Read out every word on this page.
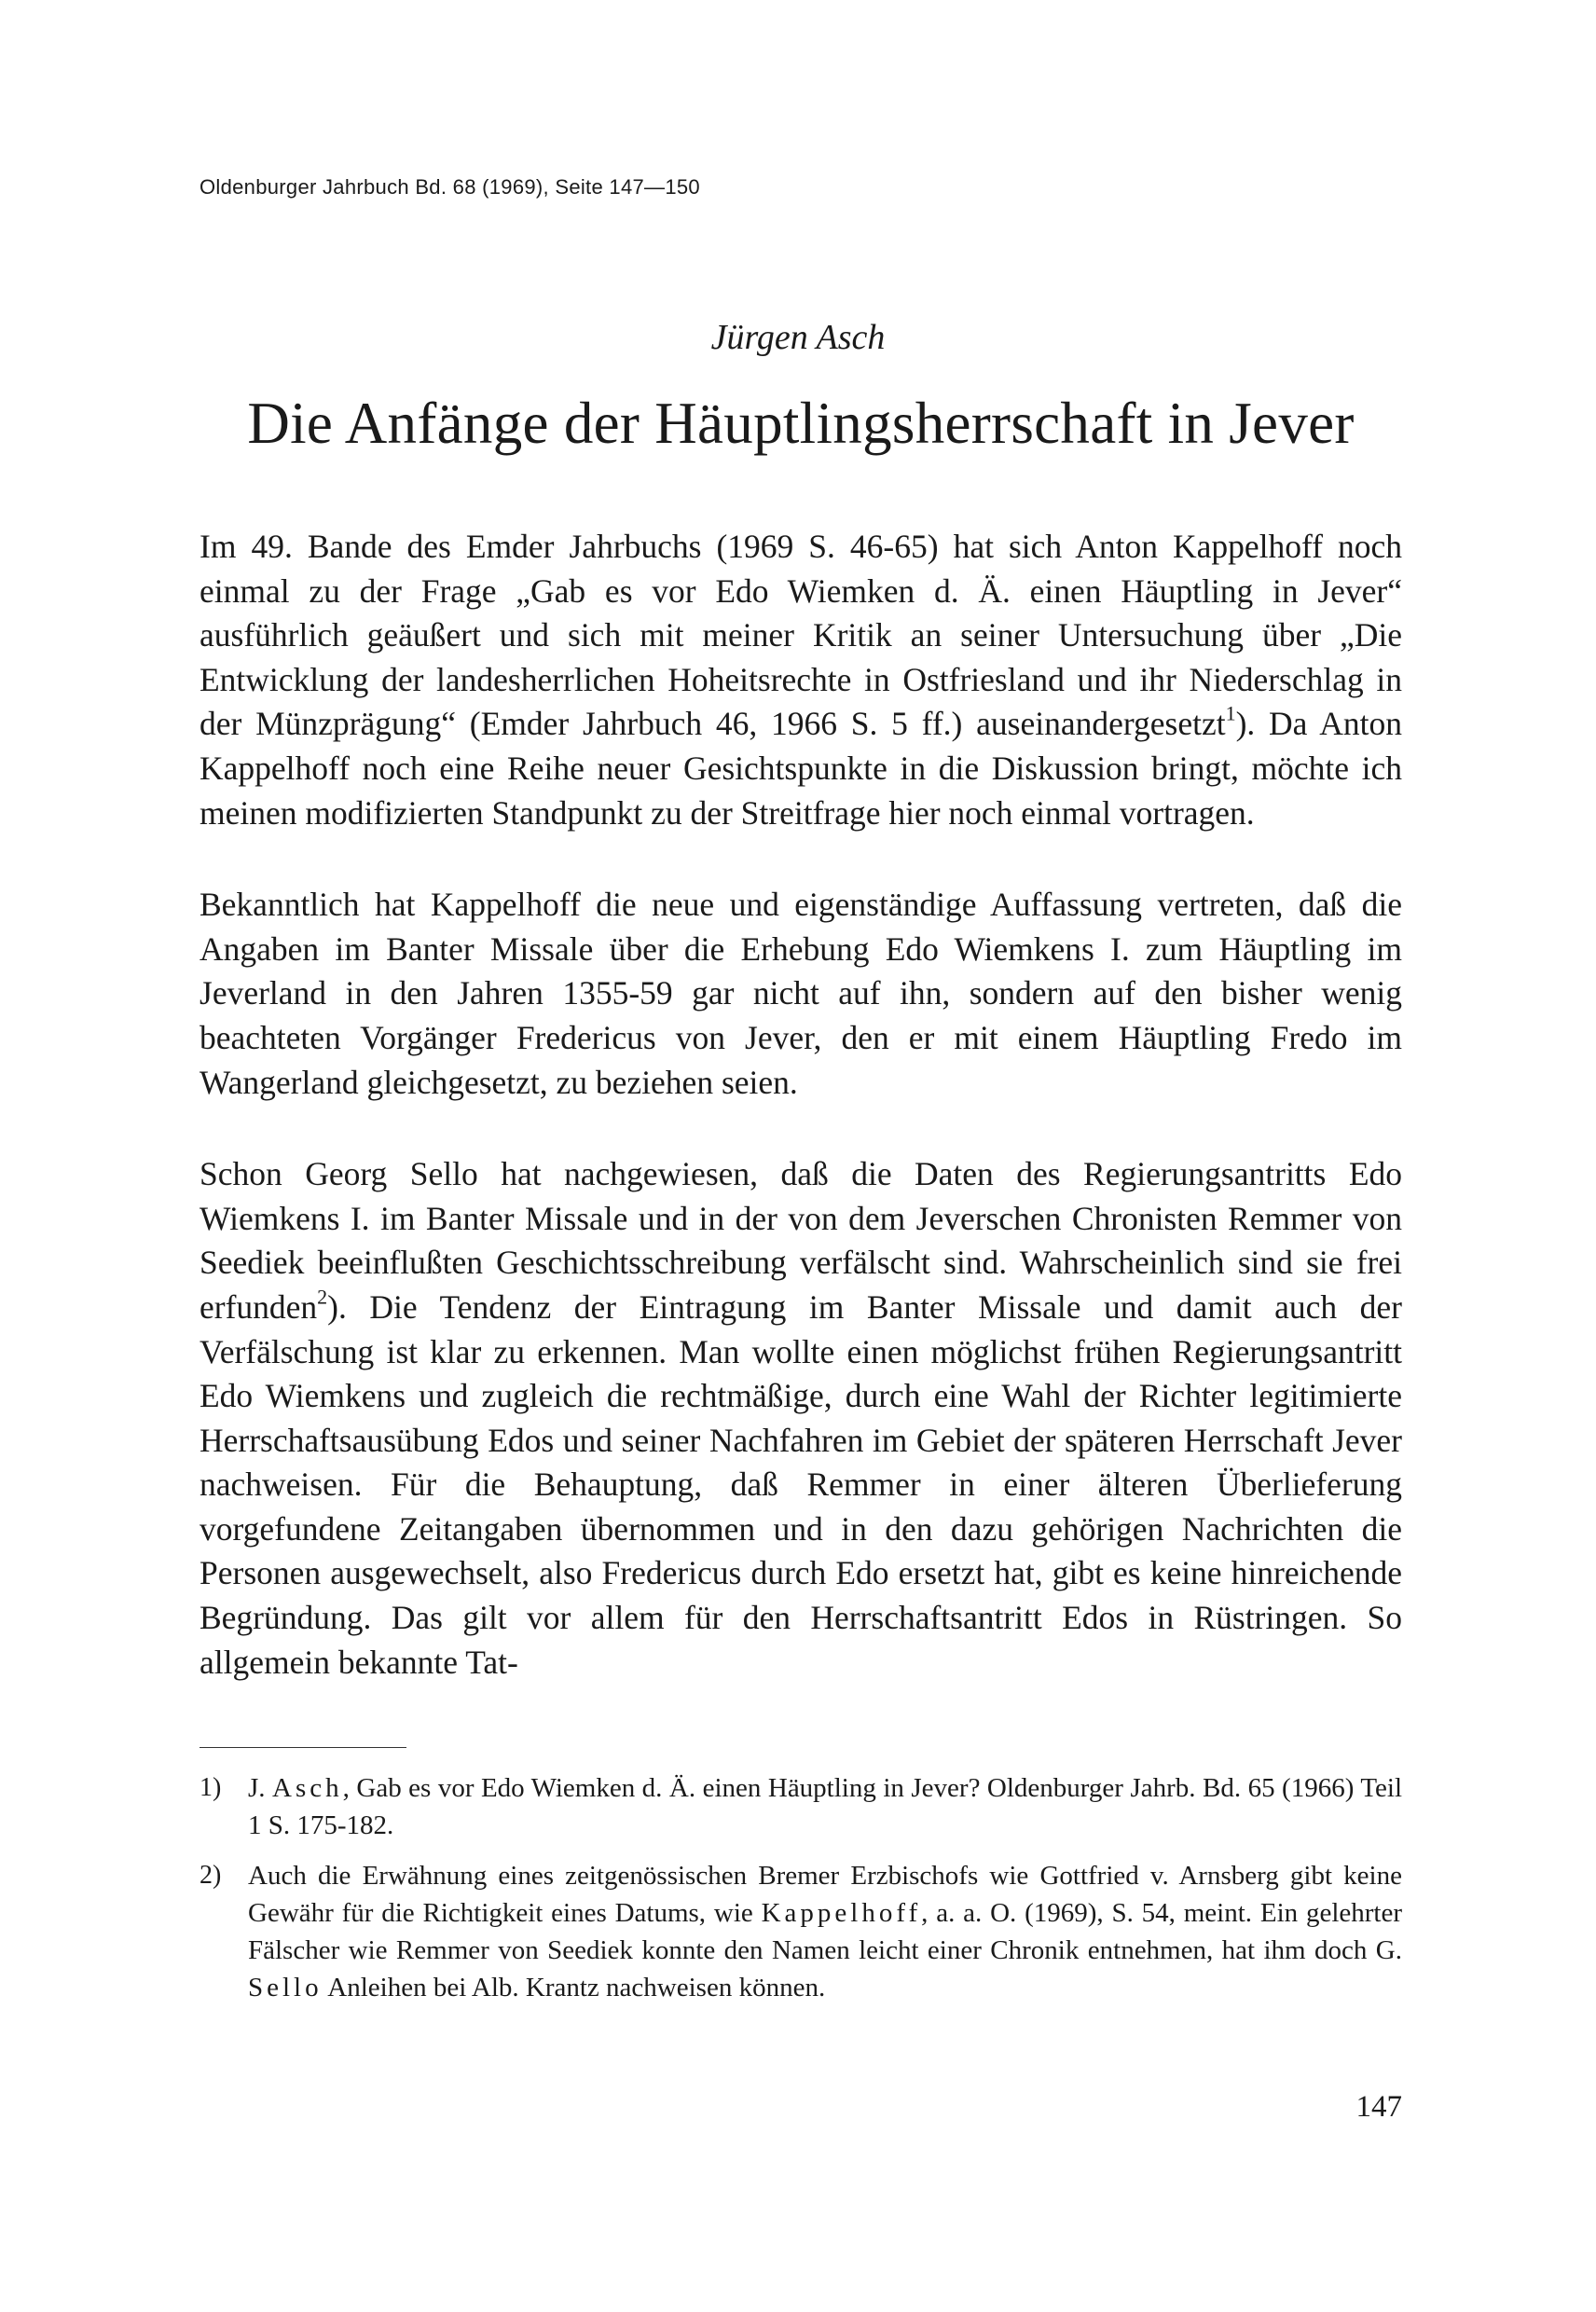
Oldenburger Jahrbuch Bd. 68 (1969), Seite 147—150
Jürgen Asch
Die Anfänge der Häuptlingsherrschaft in Jever

Im 49. Bande des Emder Jahrbuchs (1969 S. 46-65) hat sich Anton Kappelhoff noch einmal zu der Frage „Gab es vor Edo Wiemken d. Ä. einen Häuptling in Jever“ ausführlich geäußert und sich mit meiner Kritik an seiner Untersuchung über „Die Entwicklung der landesherrlichen Hoheitsrechte in Ostfriesland und ihr Niederschlag in der Münzprägung“ (Emder Jahrbuch 46, 1966 S. 5 ff.) auseinandergesetzt$^1$). Da Anton Kappelhoff noch eine Reihe neuer Gesichtspunkte in die Diskussion bringt, möchte ich meinen modifizierten Standpunkt zu der Streitfrage hier noch einmal vortragen.

Bekanntlich hat Kappelhoff die neue und eigenständige Auffassung vertreten, daß die Angaben im Banter Missale über die Erhebung Edo Wiemkens I. zum Häuptling im Jeverland in den Jahren 1355-59 gar nicht auf ihn, sondern auf den bisher wenig beachteten Vorgänger Fredericus von Jever, den er mit einem Häuptling Fredo im Wangerland gleichgesetzt, zu beziehen seien.

Schon Georg Sello hat nachgewiesen, daß die Daten des Regierungsantritts Edo Wiemkens I. im Banter Missale und in der von dem Jeverschen Chronisten Remmer von Seediek beeinflußten Geschichtsschreibung verfälscht sind. Wahrscheinlich sind sie frei erfunden$^2$). Die Tendenz der Eintragung im Banter Missale und damit auch der Verfälschung ist klar zu erkennen. Man wollte einen möglichst frühen Regierungsantritt Edo Wiemkens und zugleich die rechtmäßige, durch eine Wahl der Richter legitimierte Herrschaftsausübung Edos und seiner Nachfahren im Gebiet der späteren Herrschaft Jever nachweisen. Für die Behauptung, daß Remmer in einer älteren Überlieferung vorgefundene Zeitangaben übernommen und in den dazu gehörigen Nachrichten die Personen ausgewechselt, also Fredericus durch Edo ersetzt hat, gibt es keine hinreichende Begründung. Das gilt vor allem für den Herrschaftsantritt Edos in Rüstringen. So allgemein bekannte Tat-

1) J. Asch, Gab es vor Edo Wiemken d. Ä. einen Häuptling in Jever? Oldenburger Jahrb. Bd. 65 (1966) Teil 1 S. 175-182.
2) Auch die Erwähnung eines zeitgenössischen Bremer Erzbischofs wie Gottfried v. Arnsberg gibt keine Gewähr für die Richtigkeit eines Datums, wie Kappelhoff, a. a. O. (1969), S. 54, meint. Ein gelehrter Fälscher wie Remmer von Seediek konnte den Namen leicht einer Chronik entnehmen, hat ihm doch G. Sello Anleihen bei Alb. Krantz nachweisen können.
147
